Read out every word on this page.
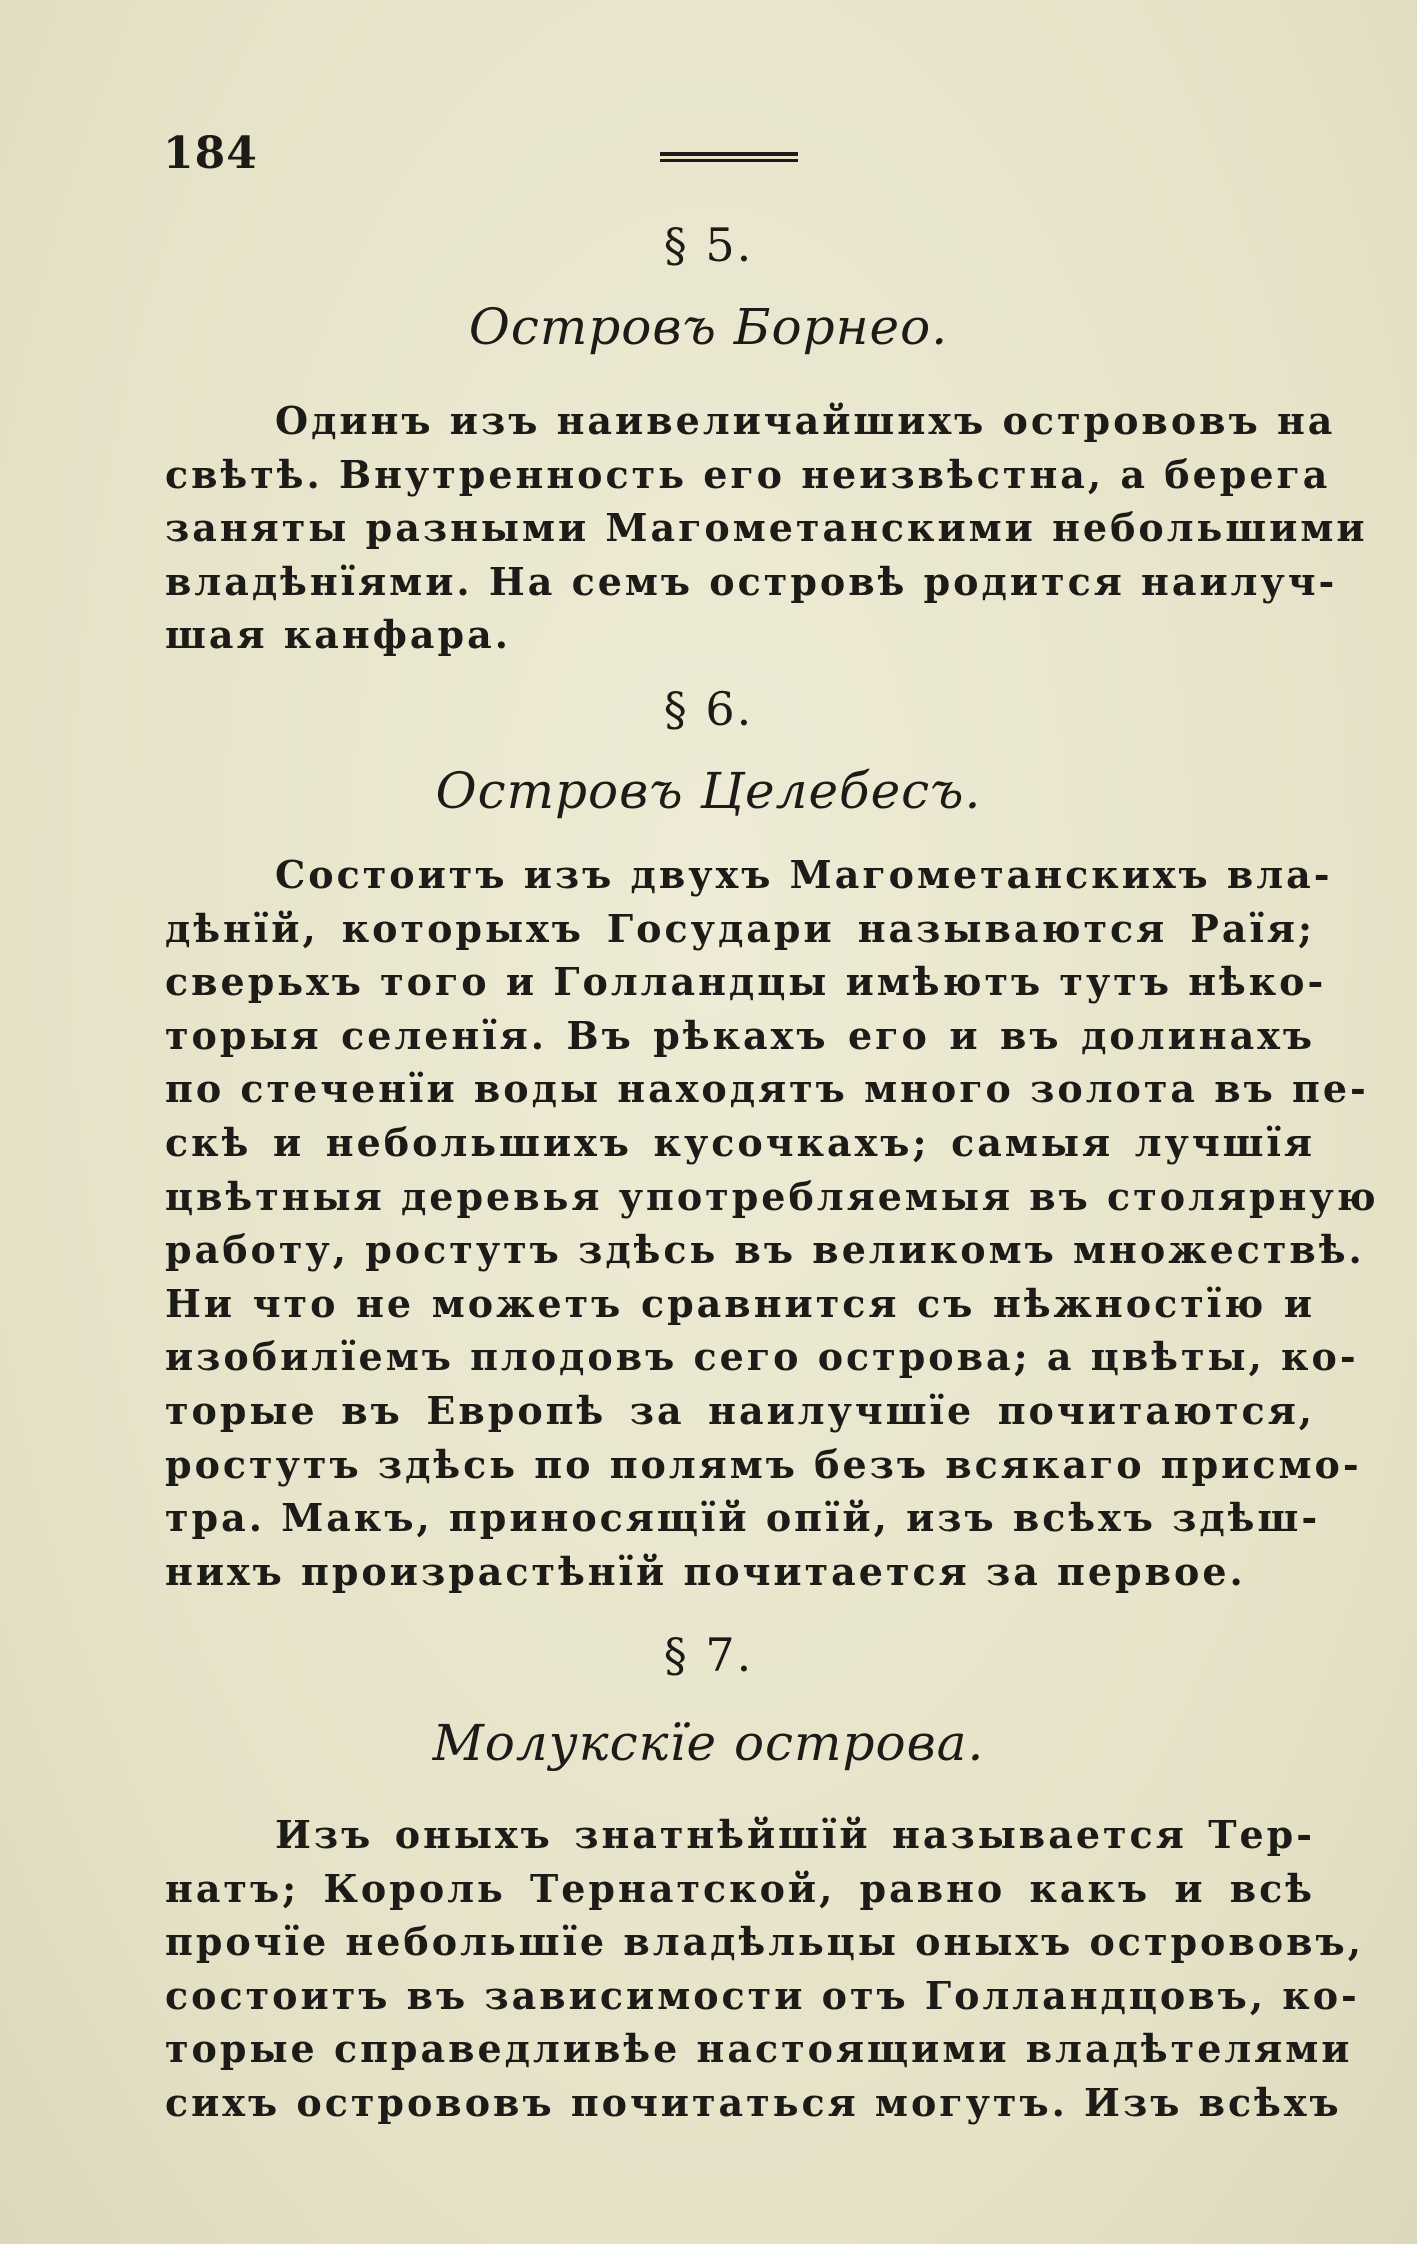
184
§ 5.
Островъ Борнео.
Одинъ изъ наивеличайшихъ острововъ на
свѣтѣ. Внутренность его неизвѣстна, а берега
заняты разными Магометанскими небольшими
владѣнїями. На семъ островѣ родится наилуч-
шая канфара.
§ 6.
Островъ Целебесъ.
Состоитъ изъ двухъ Магометанскихъ вла-
дѣнїй, которыхъ Государи называются Раїя;
сверьхъ того и Голландцы имѣютъ тутъ нѣко-
торыя селенїя. Въ рѣкахъ его и въ долинахъ
по стеченїи воды находятъ много золота въ пе-
скѣ и небольшихъ кусочкахъ; самыя лучшїя
цвѣтныя деревья употребляемыя въ столярную
работу, ростутъ здѣсь въ великомъ множествѣ.
Ни что не можетъ сравнится съ нѣжностїю и
изобилїемъ плодовъ сего острова; а цвѣты, ко-
торые въ Европѣ за наилучшїе почитаются,
ростутъ здѣсь по полямъ безъ всякаго присмо-
тра. Макъ, приносящїй опїй, изъ всѣхъ здѣш-
нихъ произрастѣнїй почитается за первое.
§ 7.
Молукскїе острова.
Изъ оныхъ знатнѣйшїй называется Тер-
натъ; Король Тернатской, равно какъ и всѣ
прочїе небольшїе владѣльцы оныхъ острововъ,
состоитъ въ зависимости отъ Голландцовъ, ко-
торые справедливѣе настоящими владѣтелями
сихъ острововъ почитаться могутъ. Изъ всѣхъ
